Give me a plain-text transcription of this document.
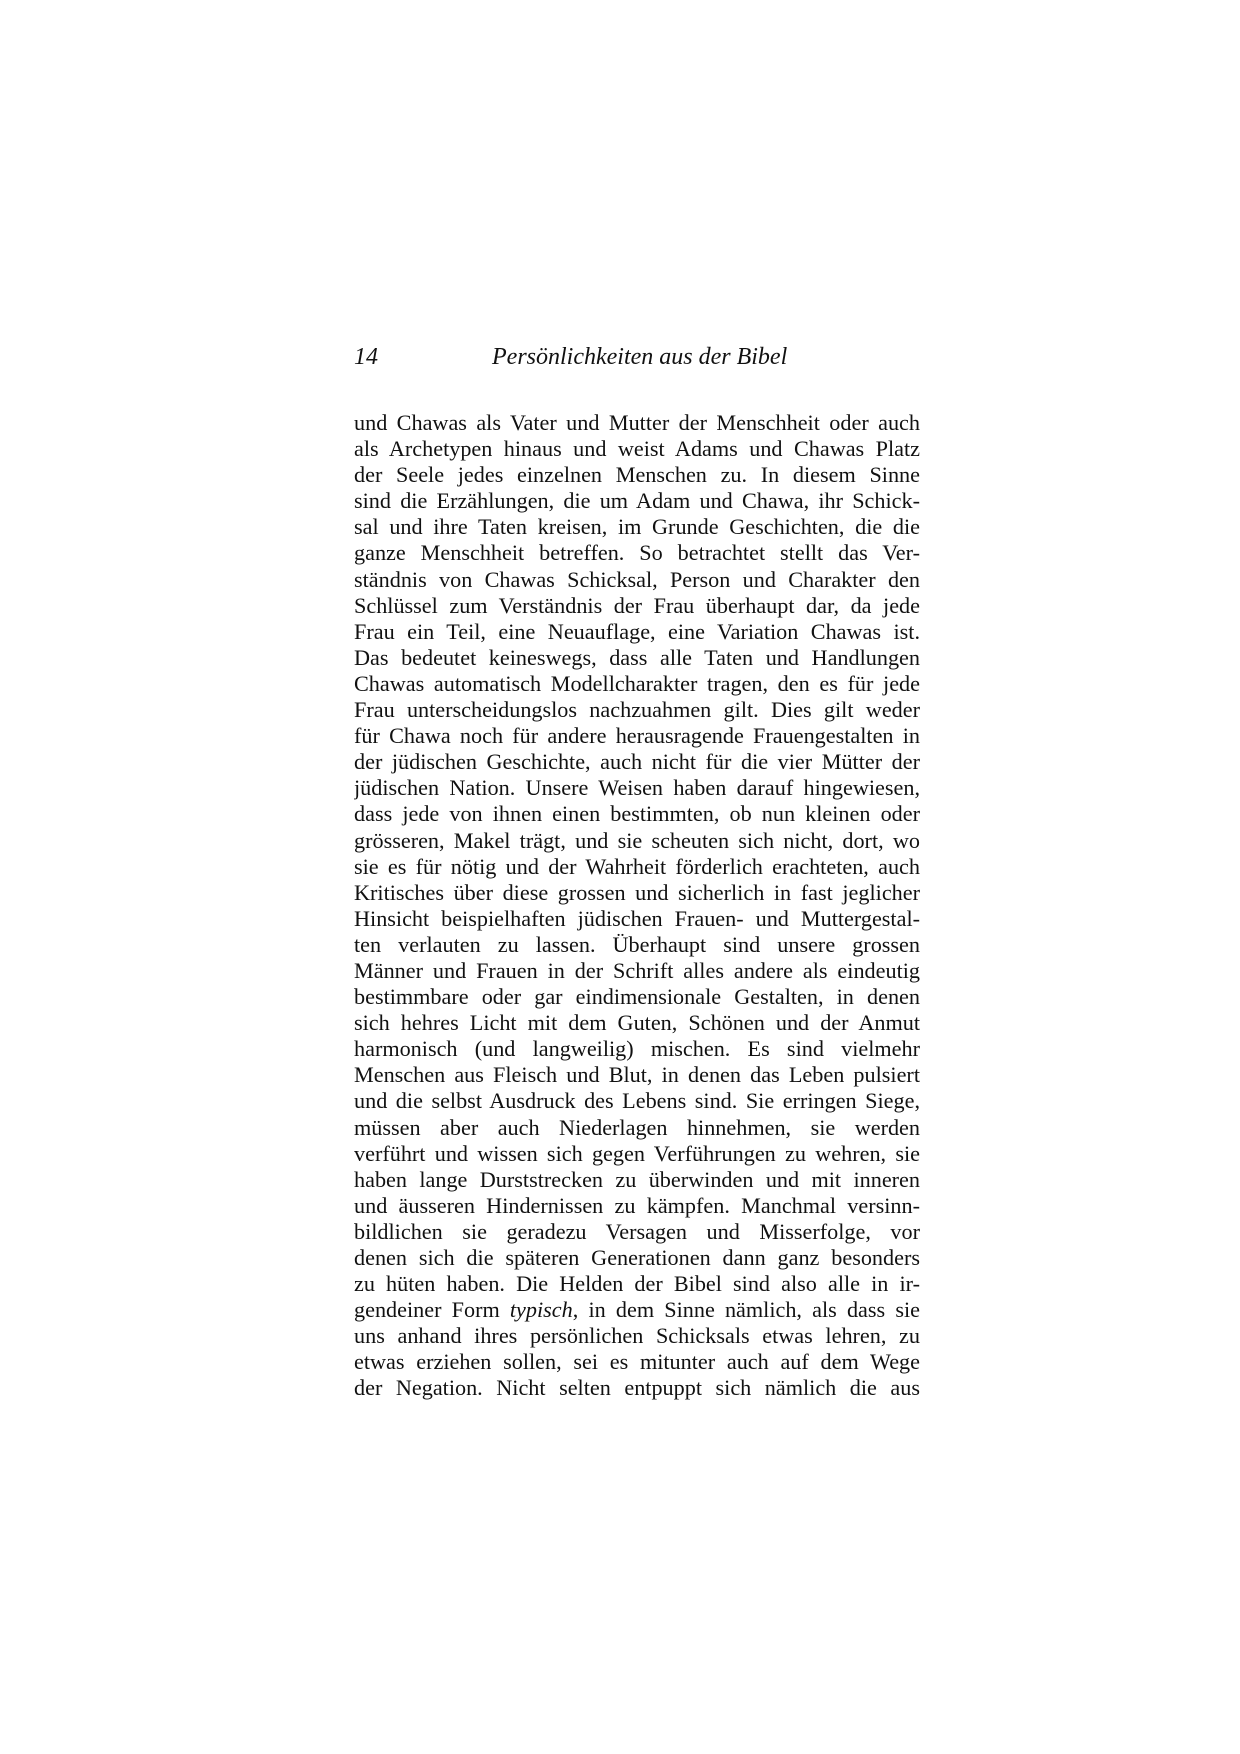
14	Persönlichkeiten aus der Bibel
und Chawas als Vater und Mutter der Menschheit oder auch
als Archetypen hinaus und weist Adams und Chawas Platz
der Seele jedes einzelnen Menschen zu. In diesem Sinne
sind die Erzählungen, die um Adam und Chawa, ihr Schick-
sal und ihre Taten kreisen, im Grunde Geschichten, die die
ganze Menschheit betreffen. So betrachtet stellt das Ver-
ständnis von Chawas Schicksal, Person und Charakter den
Schlüssel zum Verständnis der Frau überhaupt dar, da jede
Frau ein Teil, eine Neuauflage, eine Variation Chawas ist.
Das bedeutet keineswegs, dass alle Taten und Handlungen
Chawas automatisch Modellcharakter tragen, den es für jede
Frau unterscheidungslos nachzuahmen gilt. Dies gilt weder
für Chawa noch für andere herausragende Frauengestalten in
der jüdischen Geschichte, auch nicht für die vier Mütter der
jüdischen Nation. Unsere Weisen haben darauf hingewiesen,
dass jede von ihnen einen bestimmten, ob nun kleinen oder
grösseren, Makel trägt, und sie scheuten sich nicht, dort, wo
sie es für nötig und der Wahrheit förderlich erachteten, auch
Kritisches über diese grossen und sicherlich in fast jeglicher
Hinsicht beispielhaften jüdischen Frauen- und Muttergestal-
ten verlauten zu lassen. Überhaupt sind unsere grossen
Männer und Frauen in der Schrift alles andere als eindeutig
bestimmbare oder gar eindimensionale Gestalten, in denen
sich hehres Licht mit dem Guten, Schönen und der Anmut
harmonisch (und langweilig) mischen. Es sind vielmehr
Menschen aus Fleisch und Blut, in denen das Leben pulsiert
und die selbst Ausdruck des Lebens sind. Sie erringen Siege,
müssen aber auch Niederlagen hinnehmen, sie werden
verführt und wissen sich gegen Verführungen zu wehren, sie
haben lange Durststrecken zu überwinden und mit inneren
und äusseren Hindernissen zu kämpfen. Manchmal versinn-
bildlichen sie geradezu Versagen und Misserfolge, vor
denen sich die späteren Generationen dann ganz besonders
zu hüten haben. Die Helden der Bibel sind also alle in ir-
gendeiner Form typisch, in dem Sinne nämlich, als dass sie
uns anhand ihres persönlichen Schicksals etwas lehren, zu
etwas erziehen sollen, sei es mitunter auch auf dem Wege
der Negation. Nicht selten entpuppt sich nämlich die aus
